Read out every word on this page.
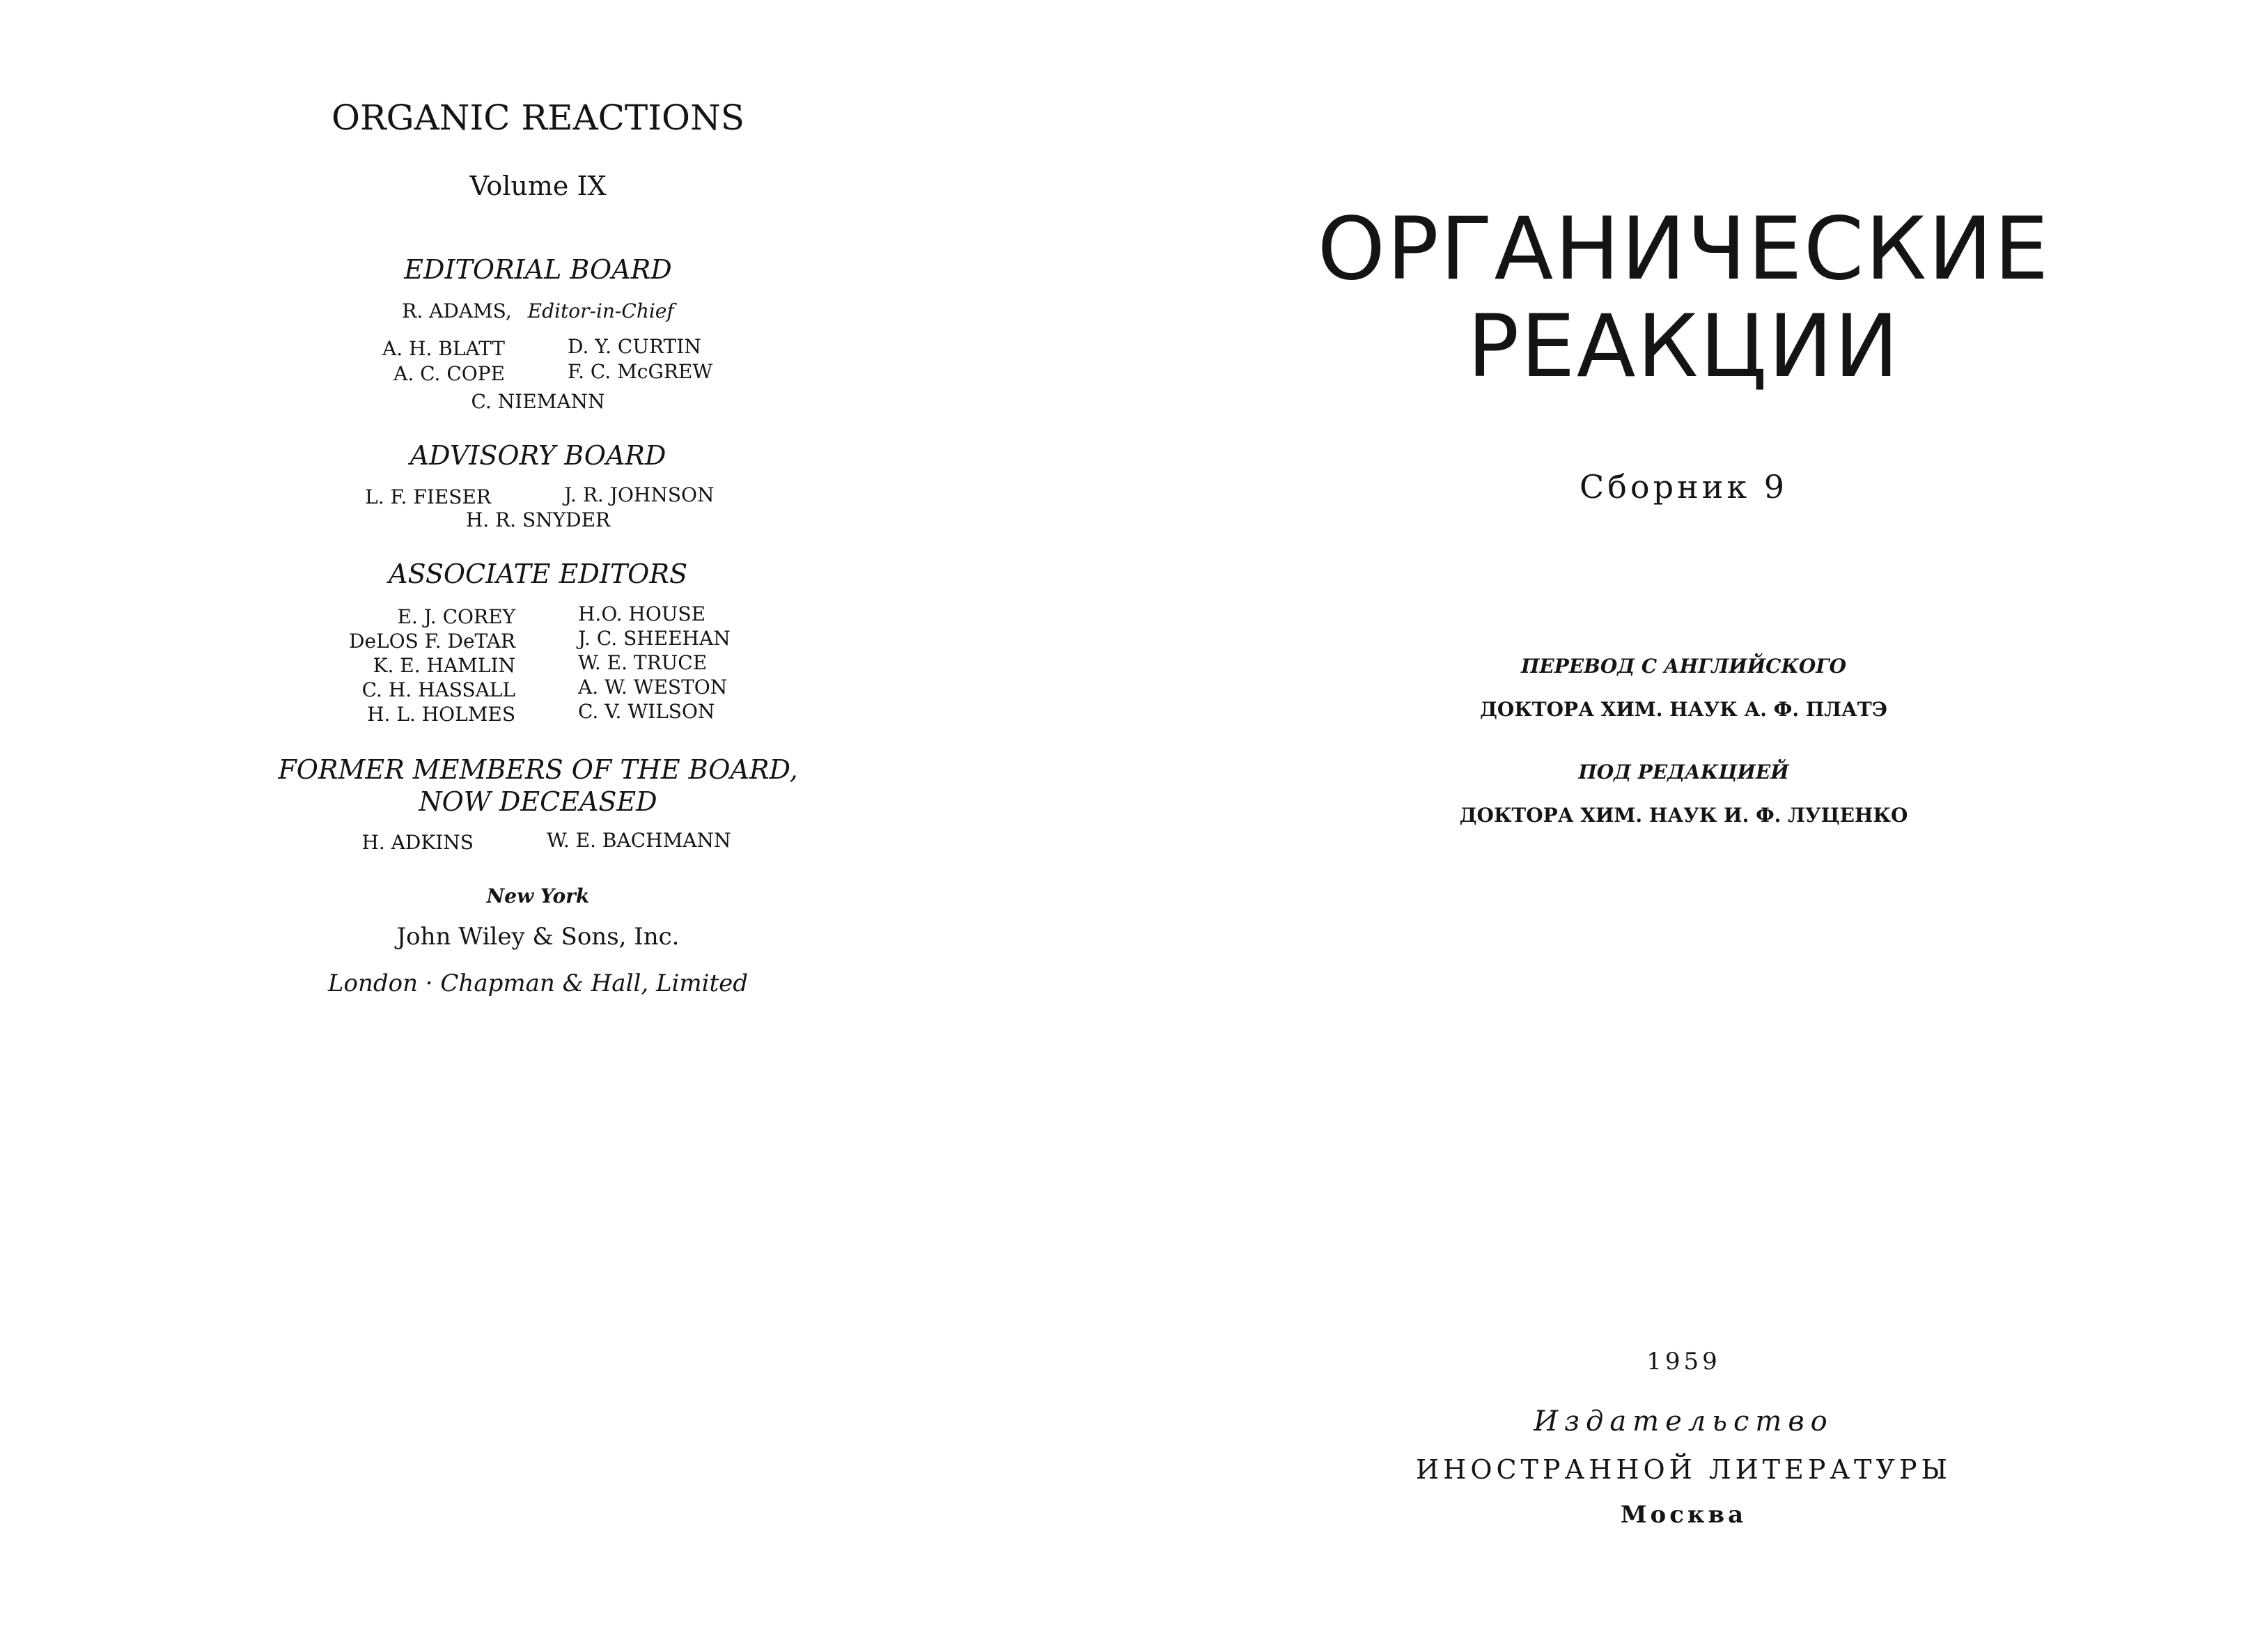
ORGANIC REACTIONS
Volume IX
EDITORIAL BOARD
R. ADAMS, Editor-in-Chief
A. H. BLATT
A. C. COPE
D. Y. CURTIN
F. C. McGREW
C. NIEMANN
ADVISORY BOARD
L. F. FIESER	J. R. JOHNSON
H. R. SNYDER
ASSOCIATE EDITORS
E. J. COREY
DeLOS F. DeTAR
K. E. HAMLIN
C. H. HASSALL
H. L. HOLMES
H.O. HOUSE
J. C. SHEEHAN
W. E. TRUCE
A. W. WESTON
C. V. WILSON
FORMER MEMBERS OF THE BOARD,
NOW DECEASED
H. ADKINS	W. E. BACHMANN
New York
John Wiley & Sons, Inc.
London · Chapman & Hall, Limited
ОРГАНИЧЕСКИЕ
РЕАКЦИИ
Сборник 9
ПЕРЕВОД С АНГЛИЙСКОГО
ДОКТОРА ХИМ. НАУК А. Ф. ПЛАТЭ
ПОД РЕДАКЦИЕЙ
ДОКТОРА ХИМ. НАУК И. Ф. ЛУЦЕНКО
1959
Издательство
ИНОСТРАННОЙ ЛИТЕРАТУРЫ
Москва
